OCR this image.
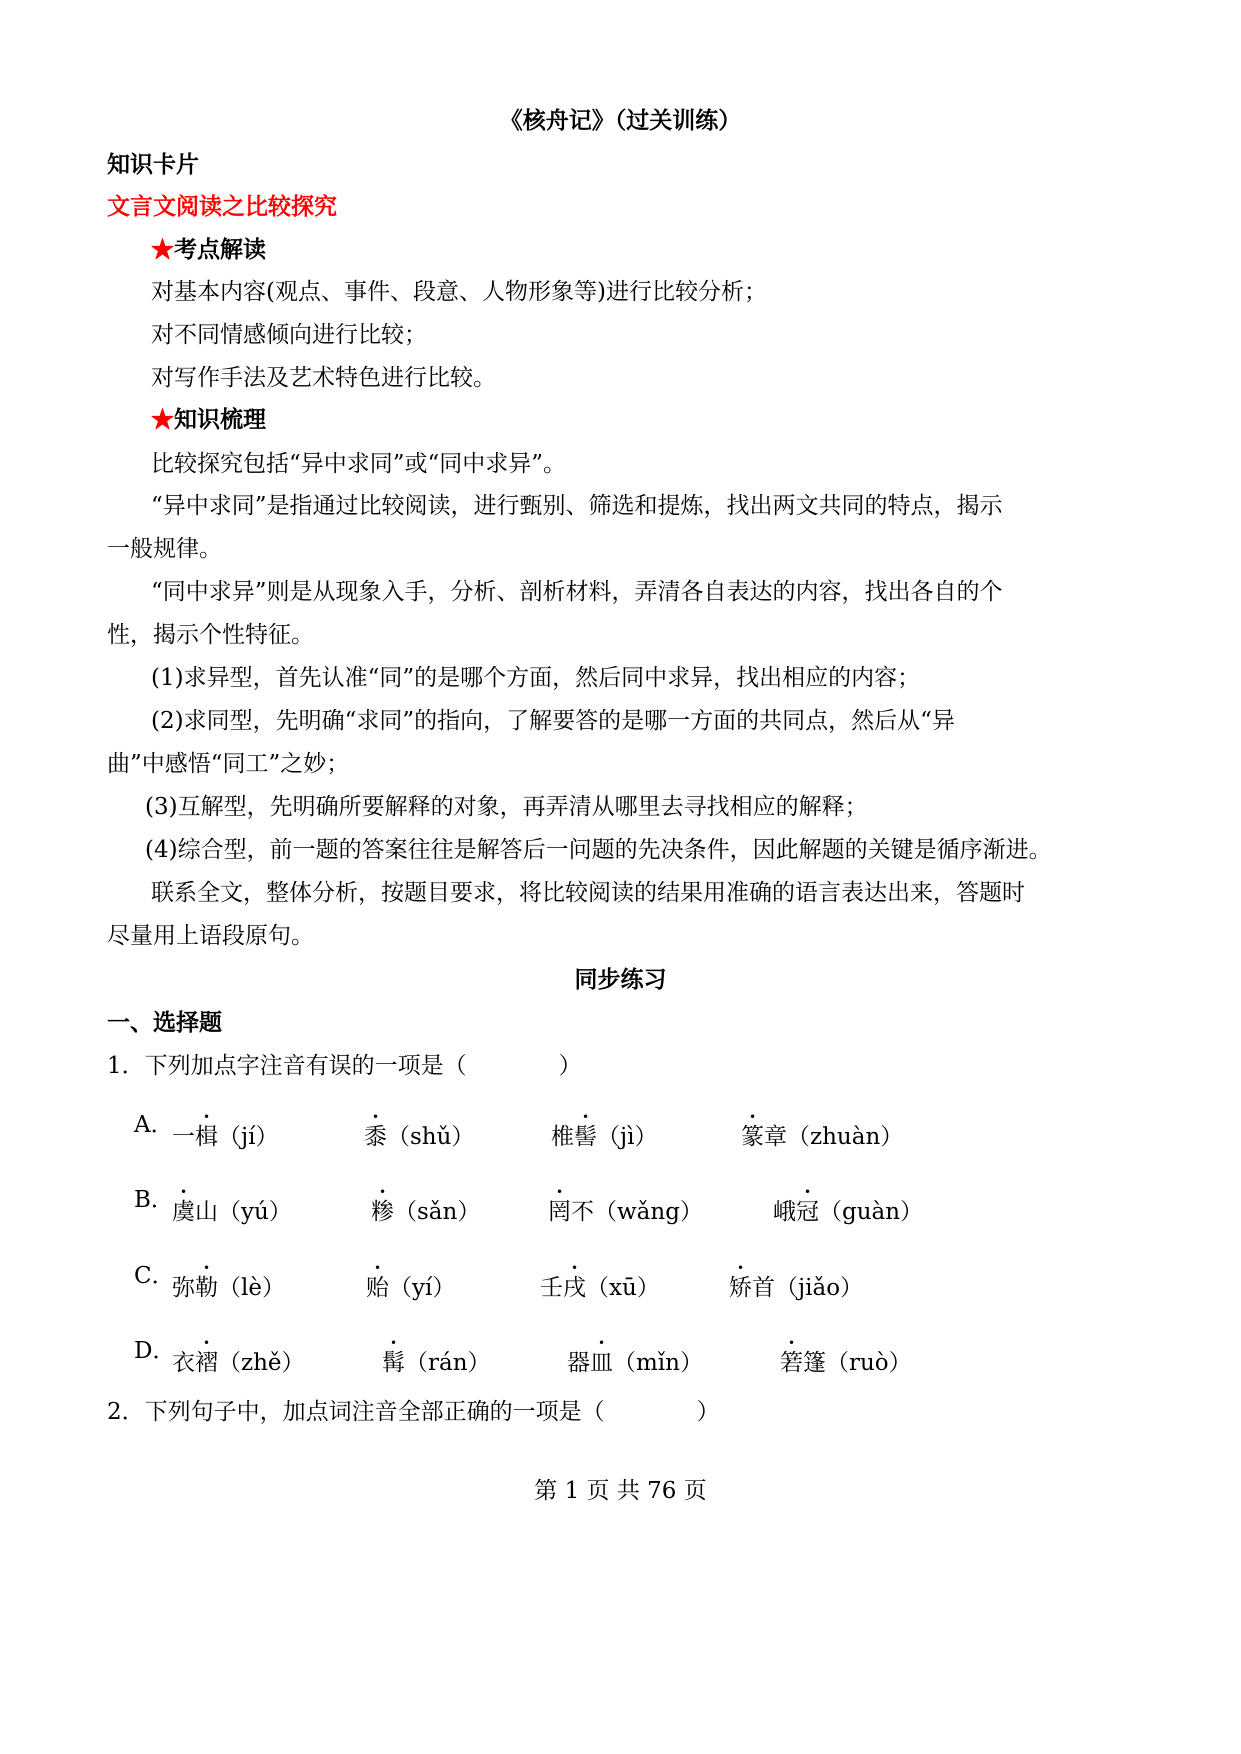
《核舟记》（过关训练）
知识卡片
文言文阅读之比较探究
★考点解读
对基本内容(观点、事件、段意、人物形象等)进行比较分析；
对不同情感倾向进行比较；
对写作手法及艺术特色进行比较。
★知识梳理
比较探究包括“异中求同”或“同中求异”。
“异中求同”是指通过比较阅读，进行甄别、筛选和提炼，找出两文共同的特点，揭示
一般规律。
“同中求异”则是从现象入手，分析、剖析材料，弄清各自表达的内容，找出各自的个
性，揭示个性特征。
(1)求异型，首先认准“同”的是哪个方面，然后同中求异，找出相应的内容；
(2)求同型，先明确“求同”的指向，了解要答的是哪一方面的共同点，然后从“异
曲”中感悟“同工”之妙；
(3)互解型，先明确所要解释的对象，再弄清从哪里去寻找相应的解释；
(4)综合型，前一题的答案往往是解答后一问题的先决条件，因此解题的关键是循序渐进。
联系全文，整体分析，按题目要求，将比较阅读的结果用准确的语言表达出来，答题时
尽量用上语段原句。
同步练习
一、选择题
1．下列加点字注音有误的一项是（　　　　）
A．
一楫（jí）	黍（shǔ）	椎髻（jì）	篆章（zhuàn）
B．
虞山（yú）	糁（sǎn）	罔不（wǎng）	峨冠（guàn）
C．
弥勒（lè）	贻（yí）	壬戌（xū）	矫首（jiǎo）
D．
衣褶（zhě）	髯（rán）	器皿（mǐn）	箬篷（ruò）
2．下列句子中，加点词注音全部正确的一项是（　　　　）
第 1 页 共 76 页
